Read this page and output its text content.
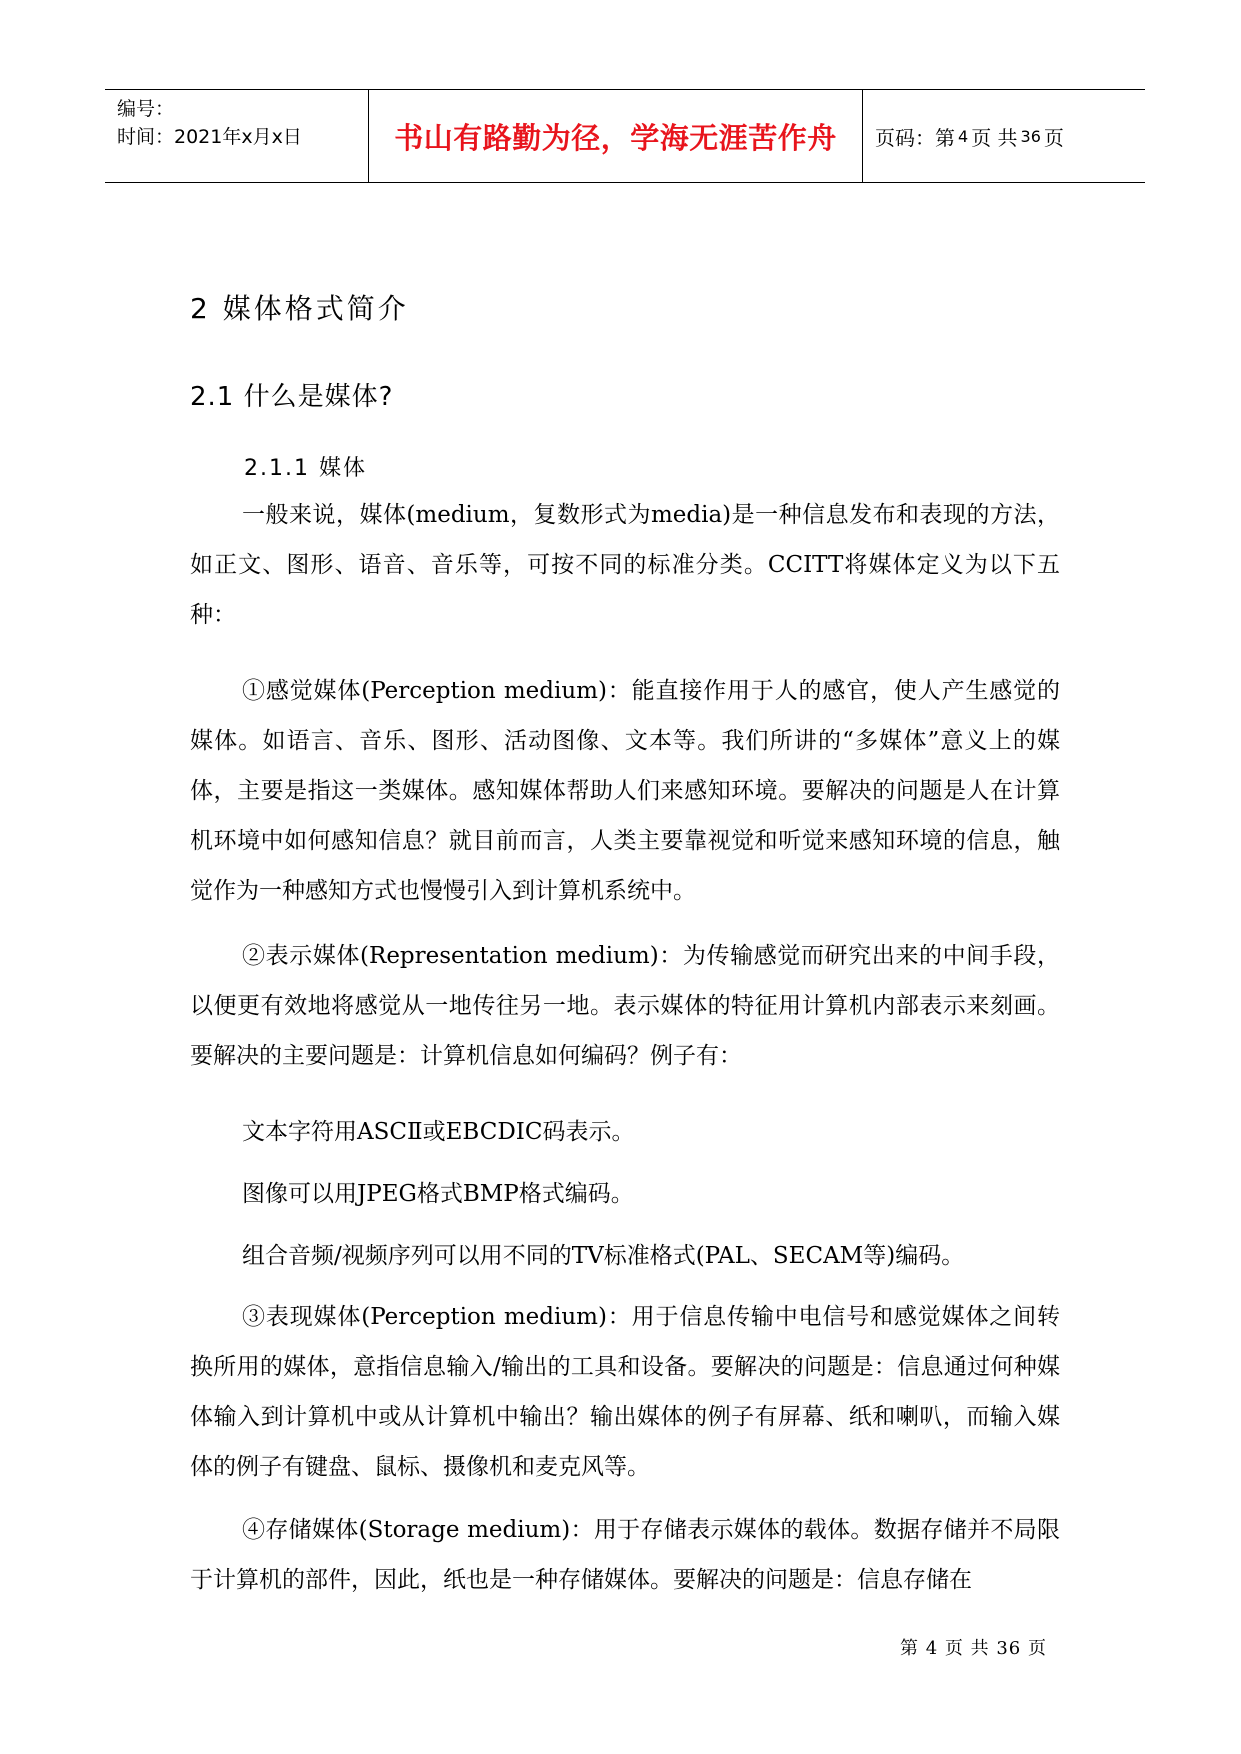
编号：
时间：2021年x月x日	书山有路勤为径，学海无涯苦作舟	页码：第 4 页 共 36 页
2 媒体格式简介
2.1 什么是媒体?
2.1.1 媒体

一般来说，媒体(medium，复数形式为media)是一种信息发布和表现的方法，如正文、图形、语音、音乐等，可按不同的标准分类。CCITT将媒体定义为以下五种：

①感觉媒体(Perception medium)：能直接作用于人的感官，使人产生感觉的媒体。如语言、音乐、图形、活动图像、文本等。我们所讲的“多媒体”意义上的媒体，主要是指这一类媒体。感知媒体帮助人们来感知环境。要解决的问题是人在计算机环境中如何感知信息？就目前而言，人类主要靠视觉和听觉来感知环境的信息，触觉作为一种感知方式也慢慢引入到计算机系统中。

②表示媒体(Representation medium)：为传输感觉而研究出来的中间手段，以便更有效地将感觉从一地传往另一地。表示媒体的特征用计算机内部表示来刻画。要解决的主要问题是：计算机信息如何编码？例子有：

文本字符用ASCⅡ或EBCDIC码表示。

图像可以用JPEG格式BMP格式编码。

组合音频/视频序列可以用不同的TV标准格式(PAL、SECAM等)编码。

③表现媒体(Perception medium)：用于信息传输中电信号和感觉媒体之间转换所用的媒体，意指信息输入/输出的工具和设备。要解决的问题是：信息通过何种媒体输入到计算机中或从计算机中输出？输出媒体的例子有屏幕、纸和喇叭，而输入媒体的例子有键盘、鼠标、摄像机和麦克风等。

④存储媒体(Storage medium)：用于存储表示媒体的载体。数据存储并不局限于计算机的部件，因此，纸也是一种存储媒体。要解决的问题是：信息存储在

第 4 页 共 36 页
